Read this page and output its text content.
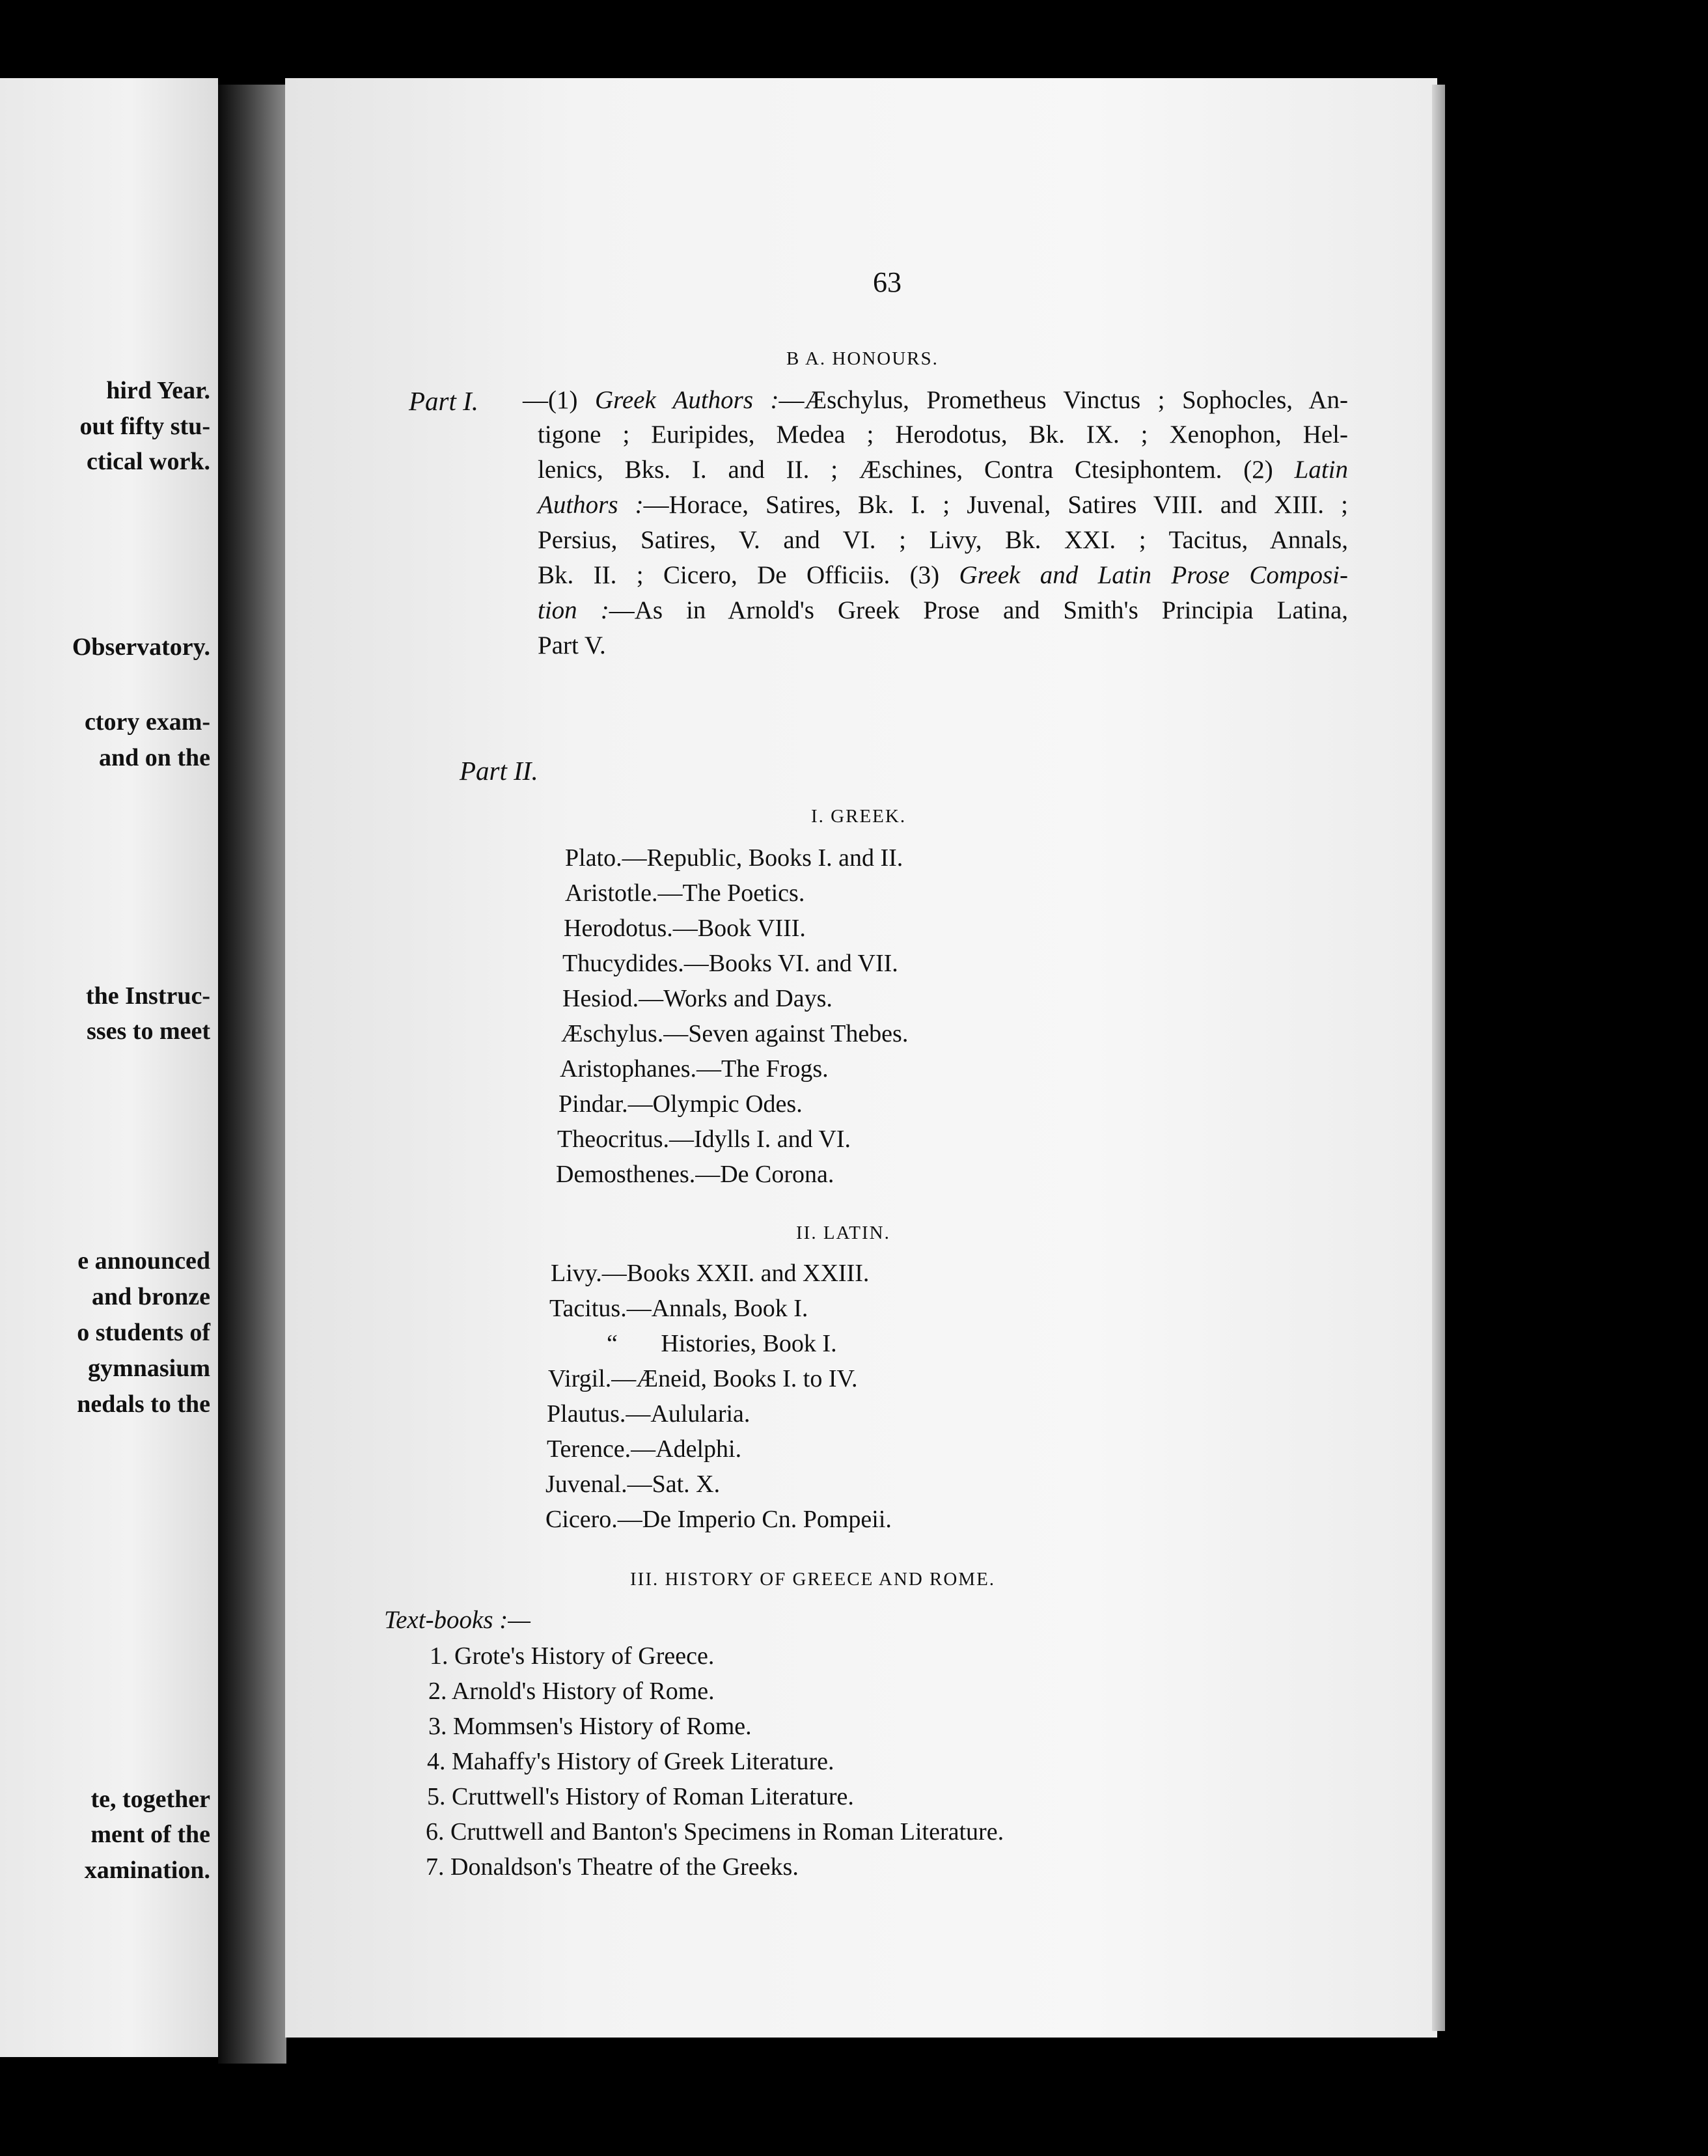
hird Year.
out fifty stu-
ctical work.
Observatory.
ctory exam-
and on the
the Instruc-
sses to meet
e announced
and bronze
o students of
gymnasium
nedals to the
te, together
ment of the
xamination.
63
B A. HONOURS.
Part I. —(1) Greek Authors :—Æschylus, Prometheus Vinctus ; Sophocles, An-
tigone ; Euripides, Medea ; Herodotus, Bk. IX. ; Xenophon, Hel-
lenics, Bks. I. and II. ; Æschines, Contra Ctesiphontem. (2) Latin
Authors :—Horace, Satires, Bk. I. ; Juvenal, Satires VIII. and XIII. ;
Persius, Satires, V. and VI. ; Livy, Bk. XXI. ; Tacitus, Annals,
Bk. II. ; Cicero, De Officiis. (3) Greek and Latin Prose Composi-
tion :—As in Arnold's Greek Prose and Smith's Principia Latina,
Part V.
Part II.
I. GREEK.
Plato.—Republic, Books I. and II.
Aristotle.—The Poetics.
Herodotus.—Book VIII.
Thucydides.—Books VI. and VII.
Hesiod.—Works and Days.
Æschylus.—Seven against Thebes.
Aristophanes.—The Frogs.
Pindar.—Olympic Odes.
Theocritus.—Idylls I. and VI.
Demosthenes.—De Corona.
II. LATIN.
Livy.—Books XXII. and XXIII.
Tacitus.—Annals, Book I.
“       Histories, Book I.
Virgil.—Æneid, Books I. to IV.
Plautus.—Aulularia.
Terence.—Adelphi.
Juvenal.—Sat. X.
Cicero.—De Imperio Cn. Pompeii.
III. HISTORY OF GREECE AND ROME.
Text-books :—
1. Grote's History of Greece.
2. Arnold's History of Rome.
3. Mommsen's History of Rome.
4. Mahaffy's History of Greek Literature.
5. Cruttwell's History of Roman Literature.
6. Cruttwell and Banton's Specimens in Roman Literature.
7. Donaldson's Theatre of the Greeks.
